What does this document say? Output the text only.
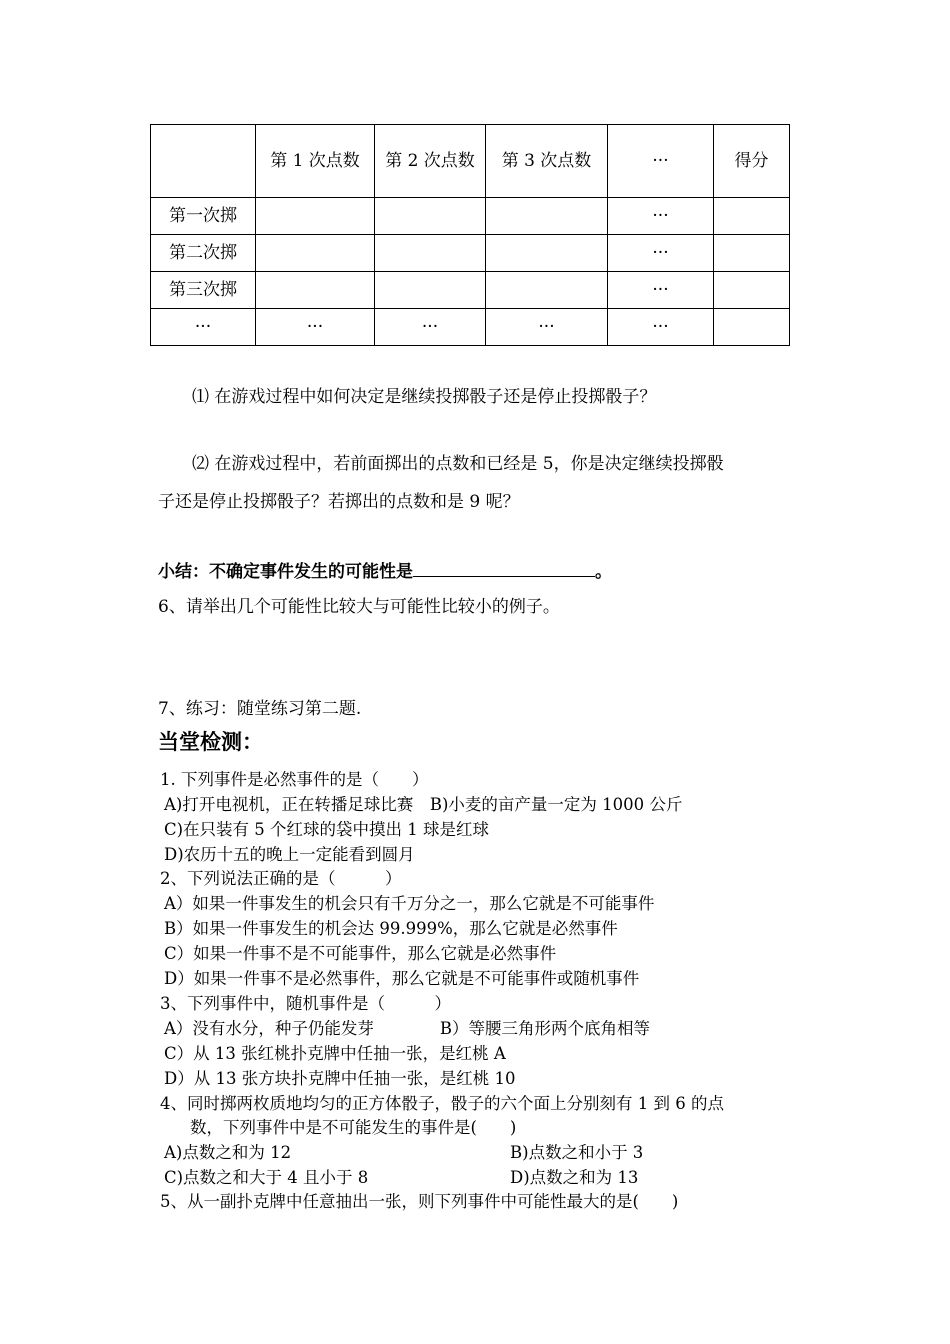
	第 1 次点数	第 2 次点数	第 3 次点数	···	得分
第一次掷				···	
第二次掷				···	
第三次掷				···	
···	···	···	···	···	
⑴ 在游戏过程中如何决定是继续投掷骰子还是停止投掷骰子？
⑵ 在游戏过程中，若前面掷出的点数和已经是 5，你是决定继续投掷骰
子还是停止投掷骰子？若掷出的点数和是 9 呢？
小结：不确定事件发生的可能性是	。
6、请举出几个可能性比较大与可能性比较小的例子。
7、练习：随堂练习第二题.
当堂检测：
1. 下列事件是必然事件的是（　　）
A)打开电视机，正在转播足球比赛　B)小麦的亩产量一定为 1000 公斤
C)在只装有 5 个红球的袋中摸出 1 球是红球
D)农历十五的晚上一定能看到圆月
2、下列说法正确的是（　　　）
A）如果一件事发生的机会只有千万分之一，那么它就是不可能事件
B）如果一件事发生的机会达 99.999%，那么它就是必然事件
C）如果一件事不是不可能事件，那么它就是必然事件
D）如果一件事不是必然事件，那么它就是不可能事件或随机事件
3、下列事件中，随机事件是（　　　）
A）没有水分，种子仍能发芽　　　　B）等腰三角形两个底角相等
C）从 13 张红桃扑克牌中任抽一张，是红桃 A
D）从 13 张方块扑克牌中任抽一张，是红桃 10
4、同时掷两枚质地均匀的正方体骰子，骰子的六个面上分别刻有 1 到 6 的点
数，下列事件中是不可能发生的事件是(　　)
A)点数之和为 12	B)点数之和小于 3
C)点数之和大于 4 且小于 8	D)点数之和为 13
5、从一副扑克牌中任意抽出一张，则下列事件中可能性最大的是(　　)
